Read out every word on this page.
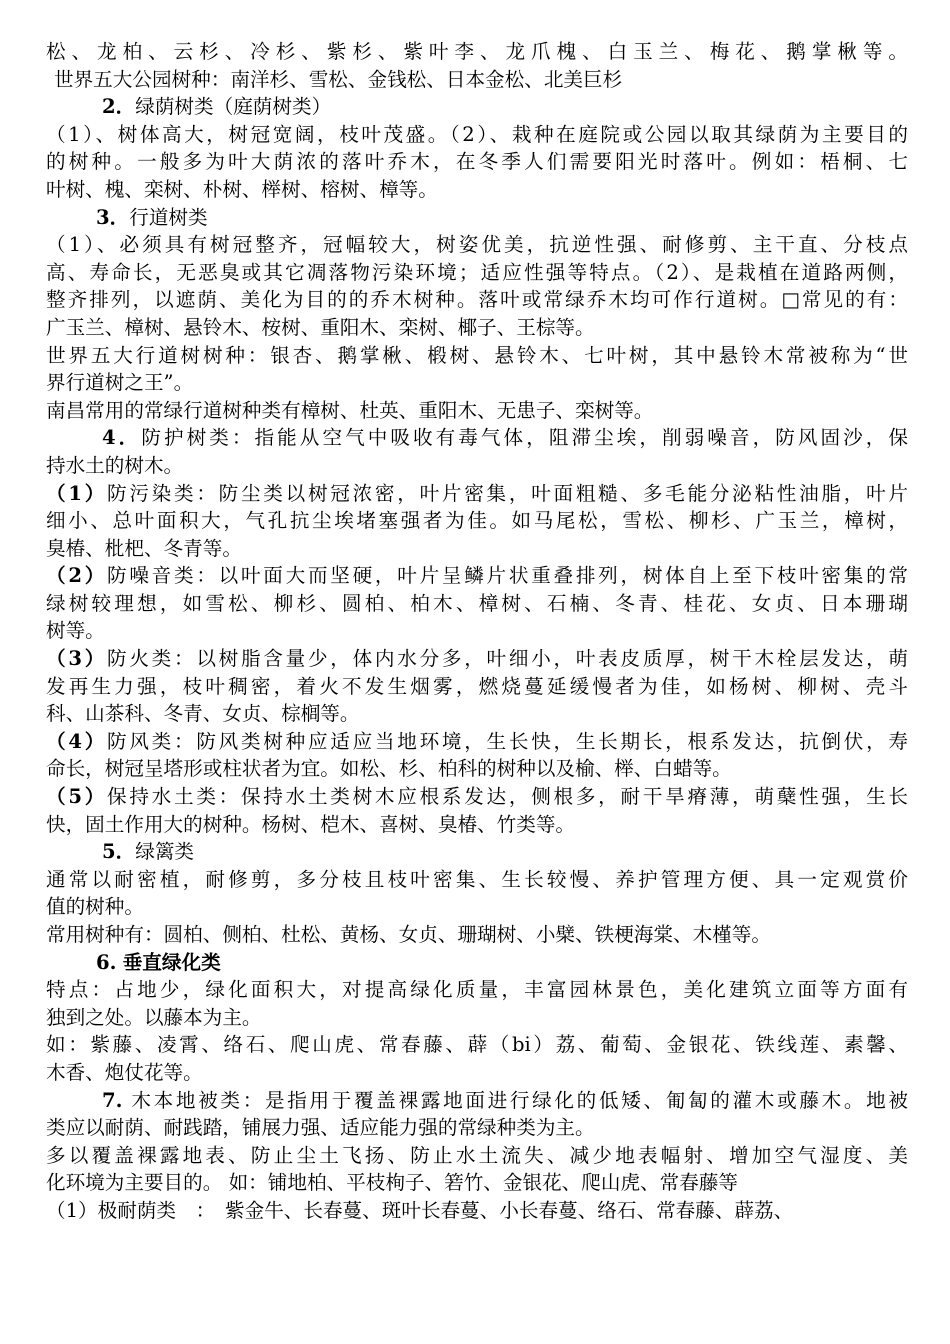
松、龙柏、云杉、冷杉、紫杉、紫叶李、龙爪槐、白玉兰、梅花、鹅掌楸等。
世界五大公园树种：南洋杉、雪松、金钱松、日本金松、北美巨杉
2．绿荫树类（庭荫树类）
（1）、树体高大，树冠宽阔，枝叶茂盛。（2）、栽种在庭院或公园以取其绿荫为主要目的
的树种。一般多为叶大荫浓的落叶乔木，在冬季人们需要阳光时落叶。例如：梧桐、七
叶树、槐、栾树、朴树、榉树、榕树、樟等。
3．行道树类
（1）、必须具有树冠整齐，冠幅较大，树姿优美，抗逆性强、耐修剪、主干直、分枝点
高、寿命长，无恶臭或其它凋落物污染环境；适应性强等特点。（2）、是栽植在道路两侧，
整齐排列，以遮荫、美化为目的的乔木树种。落叶或常绿乔木均可作行道树。□常见的有：
广玉兰、樟树、悬铃木、桉树、重阳木、栾树、椰子、王棕等。
世界五大行道树树种：银杏、鹅掌楸、椴树、悬铃木、七叶树，其中悬铃木常被称为“世
界行道树之王”。
南昌常用的常绿行道树种类有樟树、杜英、重阳木、无患子、栾树等。
4．防护树类：指能从空气中吸收有毒气体，阻滞尘埃，削弱噪音，防风固沙，保
持水土的树木。
（1）防污染类：防尘类以树冠浓密，叶片密集，叶面粗糙、多毛能分泌粘性油脂，叶片
细小、总叶面积大，气孔抗尘埃堵塞强者为佳。如马尾松，雪松、柳杉、广玉兰，樟树，
臭椿、枇杷、冬青等。
（2）防噪音类：以叶面大而坚硬，叶片呈鳞片状重叠排列，树体自上至下枝叶密集的常
绿树较理想，如雪松、柳杉、圆柏、柏木、樟树、石楠、冬青、桂花、女贞、日本珊瑚
树等。
（3）防火类：以树脂含量少，体内水分多，叶细小，叶表皮质厚，树干木栓层发达，萌
发再生力强，枝叶稠密，着火不发生烟雾，燃烧蔓延缓慢者为佳，如杨树、柳树、壳斗
科、山茶科、冬青、女贞、棕榈等。
（4）防风类：防风类树种应适应当地环境，生长快，生长期长，根系发达，抗倒伏，寿
命长，树冠呈塔形或柱状者为宜。如松、杉、柏科的树种以及榆、榉、白蜡等。
（5）保持水土类：保持水土类树木应根系发达，侧根多，耐干旱瘠薄，萌蘖性强，生长
快，固土作用大的树种。杨树、桤木、喜树、臭椿、竹类等。
5．绿篱类
通常以耐密植，耐修剪，多分枝且枝叶密集、生长较慢、养护管理方便、具一定观赏价
值的树种。
常用树种有：圆柏、侧柏、杜松、黄杨、女贞、珊瑚树、小檗、铁梗海棠、木槿等。
6. 垂直绿化类
特点：占地少，绿化面积大，对提高绿化质量，丰富园林景色，美化建筑立面等方面有
独到之处。以藤本为主。
如：紫藤、凌霄、络石、爬山虎、常春藤、薜（bi）荔、葡萄、金银花、铁线莲、素馨、
木香、炮仗花等。
7. 木本地被类：是指用于覆盖裸露地面进行绿化的低矮、匍匐的灌木或藤木。地被
类应以耐荫、耐践踏，铺展力强、适应能力强的常绿种类为主。
多以覆盖裸露地表、防止尘土飞扬、防止水土流失、减少地表幅射、增加空气湿度、美
化环境为主要目的。 如：铺地柏、平枝栒子、箬竹、金银花、爬山虎、常春藤等
（1）极耐荫类　：　紫金牛、长春蔓、斑叶长春蔓、小长春蔓、络石、常春藤、薜荔、
